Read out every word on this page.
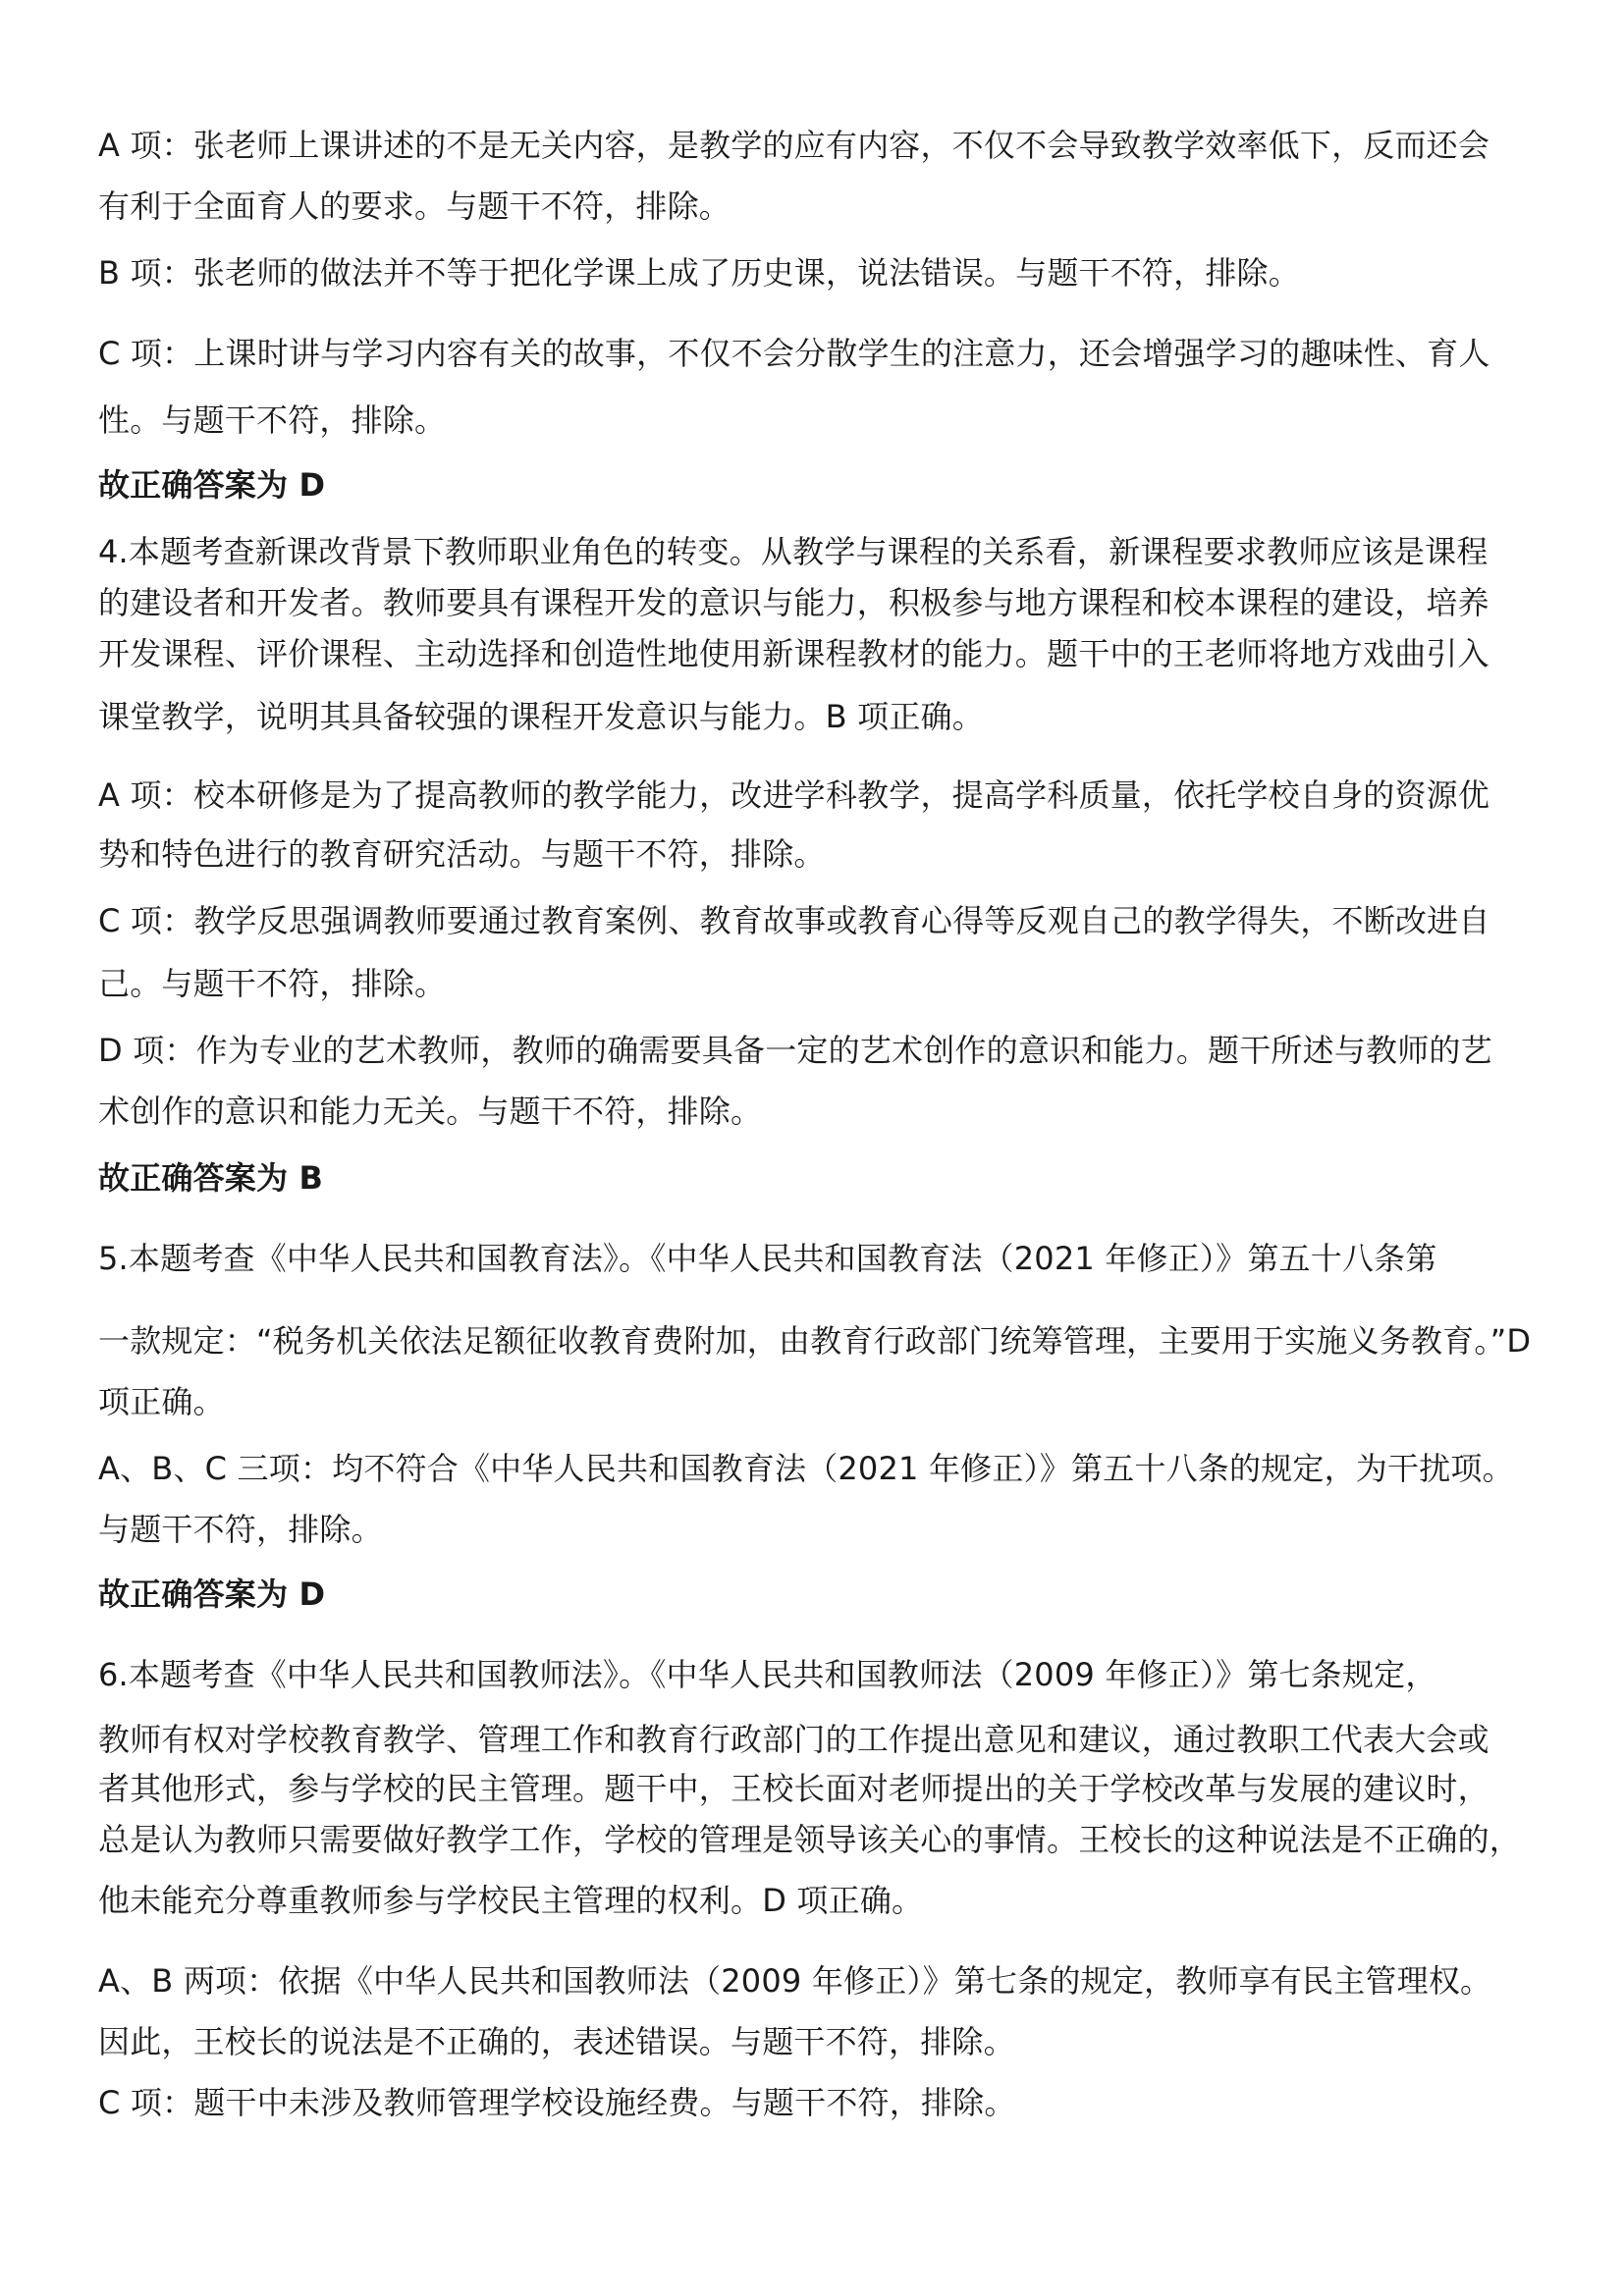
A 项：张老师上课讲述的不是无关内容，是教学的应有内容，不仅不会导致教学效率低下，反而还会
有利于全面育人的要求。与题干不符，排除。
B 项：张老师的做法并不等于把化学课上成了历史课，说法错误。与题干不符，排除。
C 项：上课时讲与学习内容有关的故事，不仅不会分散学生的注意力，还会增强学习的趣味性、育人
性。与题干不符，排除。
故正确答案为 D
4.本题考查新课改背景下教师职业角色的转变。从教学与课程的关系看，新课程要求教师应该是课程
的建设者和开发者。教师要具有课程开发的意识与能力，积极参与地方课程和校本课程的建设，培养
开发课程、评价课程、主动选择和创造性地使用新课程教材的能力。题干中的王老师将地方戏曲引入
课堂教学，说明其具备较强的课程开发意识与能力。B 项正确。
A 项：校本研修是为了提高教师的教学能力，改进学科教学，提高学科质量，依托学校自身的资源优
势和特色进行的教育研究活动。与题干不符，排除。
C 项：教学反思强调教师要通过教育案例、教育故事或教育心得等反观自己的教学得失，不断改进自
己。与题干不符，排除。
D 项：作为专业的艺术教师，教师的确需要具备一定的艺术创作的意识和能力。题干所述与教师的艺
术创作的意识和能力无关。与题干不符，排除。
故正确答案为 B
5.本题考查《中华人民共和国教育法》。《中华人民共和国教育法（2021 年修正）》第五十八条第
一款规定：“税务机关依法足额征收教育费附加，由教育行政部门统筹管理，主要用于实施义务教育。”D
项正确。
A、B、C 三项：均不符合《中华人民共和国教育法（2021 年修正）》第五十八条的规定，为干扰项。
与题干不符，排除。
故正确答案为 D
6.本题考查《中华人民共和国教师法》。《中华人民共和国教师法（2009 年修正）》第七条规定，
教师有权对学校教育教学、管理工作和教育行政部门的工作提出意见和建议，通过教职工代表大会或
者其他形式，参与学校的民主管理。题干中，王校长面对老师提出的关于学校改革与发展的建议时，
总是认为教师只需要做好教学工作，学校的管理是领导该关心的事情。王校长的这种说法是不正确的，
他未能充分尊重教师参与学校民主管理的权利。D 项正确。
A、B 两项：依据《中华人民共和国教师法（2009 年修正）》第七条的规定，教师享有民主管理权。
因此，王校长的说法是不正确的，表述错误。与题干不符，排除。
C 项：题干中未涉及教师管理学校设施经费。与题干不符，排除。
